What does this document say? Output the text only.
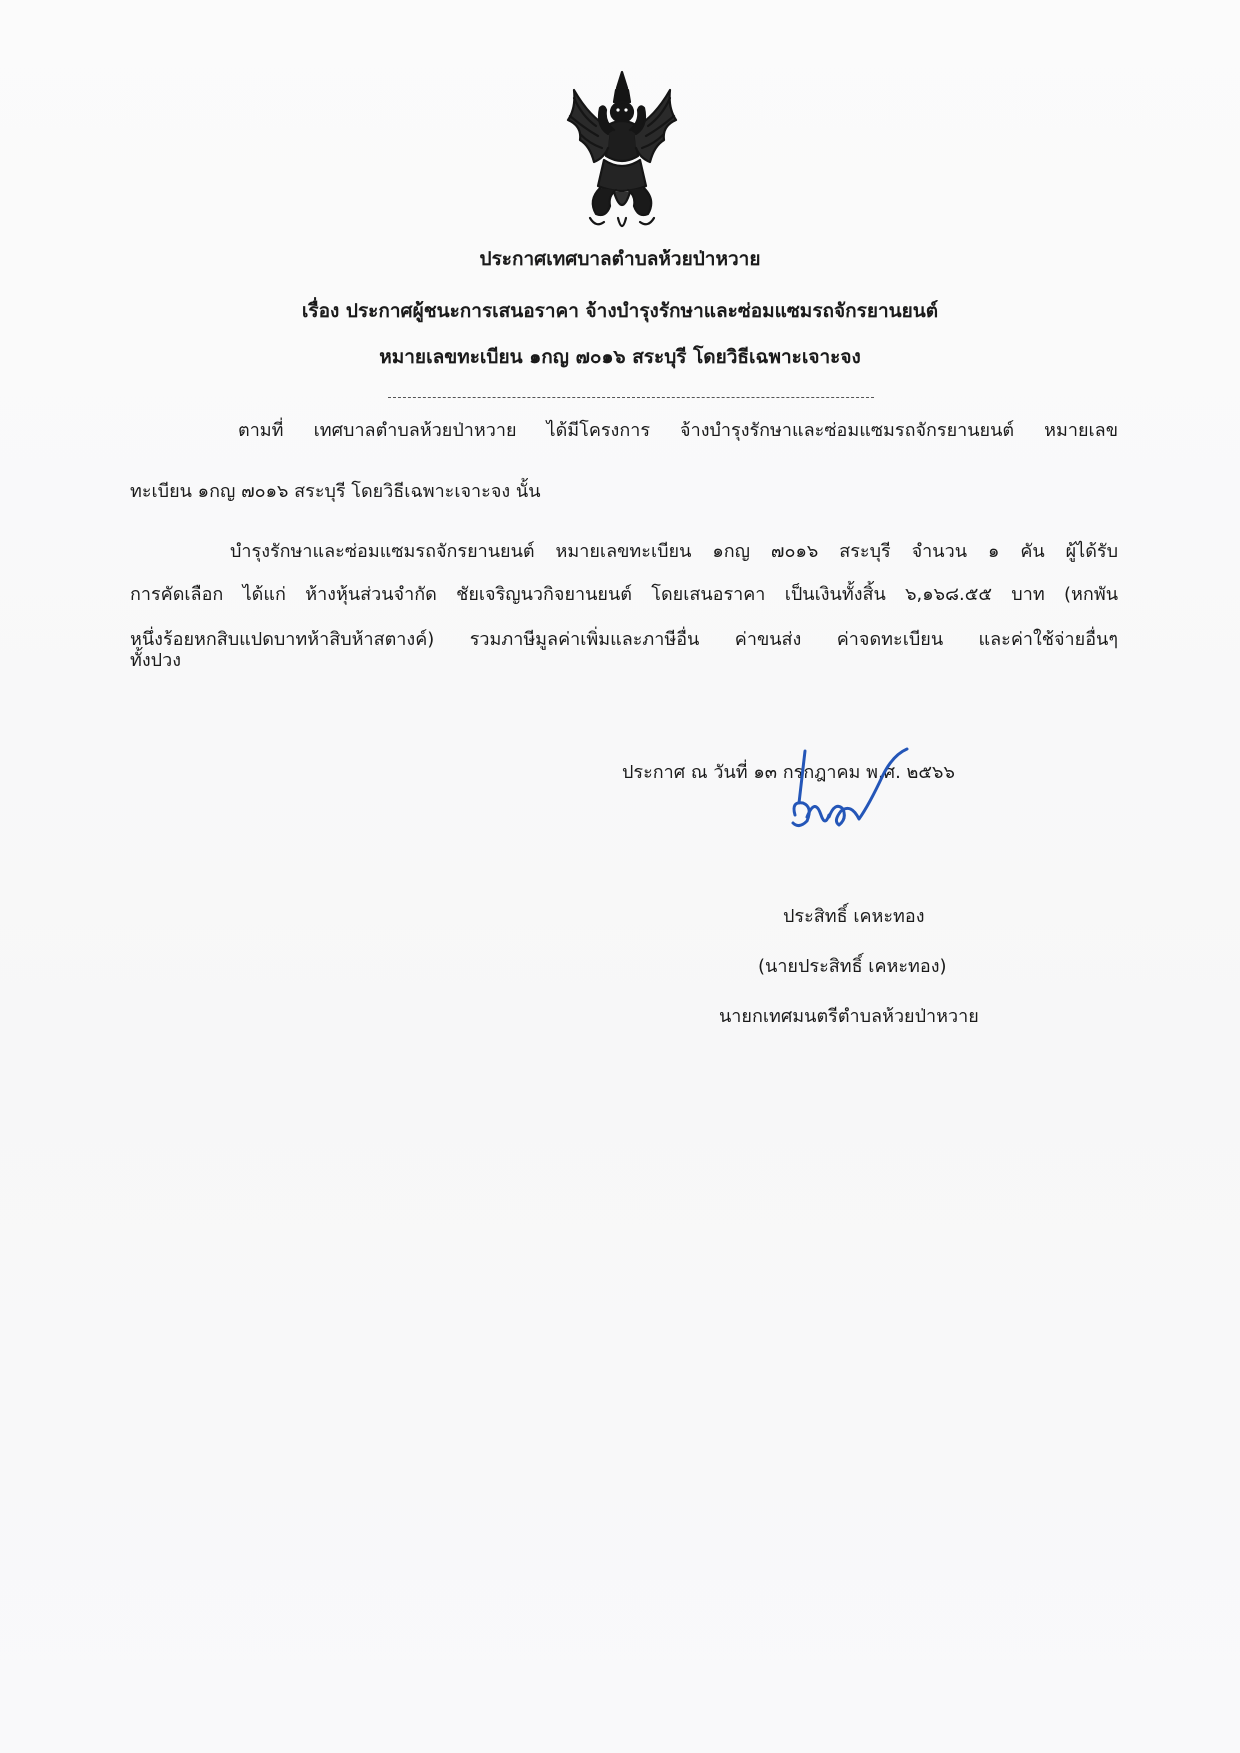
ประกาศเทศบาลตำบลห้วยป่าหวาย
เรื่อง ประกาศผู้ชนะการเสนอราคา จ้างบำรุงรักษาและซ่อมแซมรถจักรยานยนต์
หมายเลขทะเบียน ๑กญ ๗๐๑๖ สระบุรี โดยวิธีเฉพาะเจาะจง
ตามที่ เทศบาลตำบลห้วยป่าหวาย ได้มีโครงการ จ้างบำรุงรักษาและซ่อมแซมรถจักรยานยนต์ หมายเลข
ทะเบียน ๑กญ ๗๐๑๖ สระบุรี โดยวิธีเฉพาะเจาะจง นั้น
บำรุงรักษาและซ่อมแซมรถจักรยานยนต์ หมายเลขทะเบียน ๑กญ ๗๐๑๖ สระบุรี จำนวน ๑ คัน ผู้ได้รับ
การคัดเลือก ได้แก่ ห้างหุ้นส่วนจำกัด ชัยเจริญนวกิจยานยนต์ โดยเสนอราคา เป็นเงินทั้งสิ้น ๖,๑๖๘.๕๕ บาท (หกพัน
หนึ่งร้อยหกสิบแปดบาทห้าสิบห้าสตางค์) รวมภาษีมูลค่าเพิ่มและภาษีอื่น ค่าขนส่ง ค่าจดทะเบียน และค่าใช้จ่ายอื่นๆ
ทั้งปวง
ประกาศ ณ วันที่ ๑๓ กรกฎาคม พ.ศ. ๒๕๖๖
ประสิทธิ์ เคหะทอง
(นายประสิทธิ์ เคหะทอง)
นายกเทศมนตรีตำบลห้วยป่าหวาย
